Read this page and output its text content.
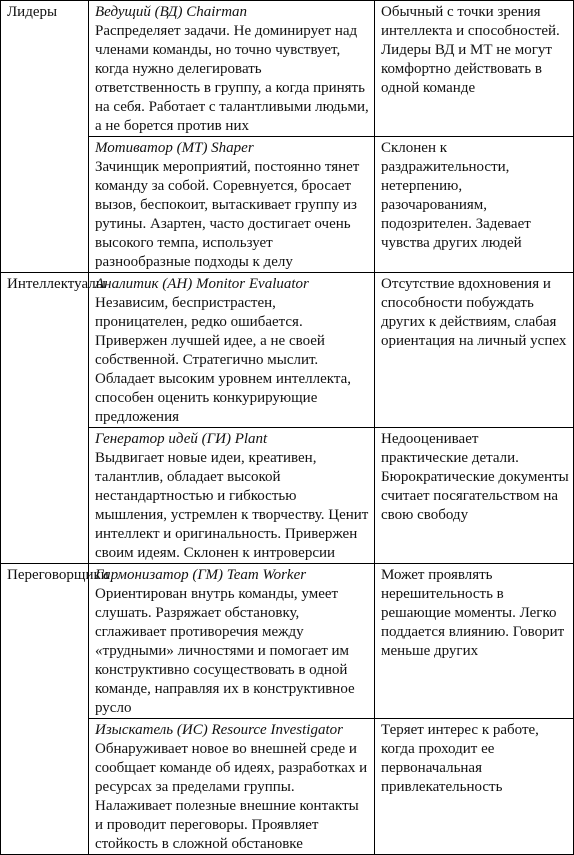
Лидеры	Ведущий (ВД) Chairman
Распределяет задачи. Не доминирует над членами команды, но точно чувствует, когда нужно делегировать ответственность в группу, а когда принять на себя. Работает с талантливыми людьми, а не борется против них	Обычный с точки зрения интеллекта и способностей. Лидеры ВД и МТ не могут комфортно действовать в одной команде

	Мотиватор (МТ) Shaper
Зачинщик мероприятий, постоянно тянет команду за собой. Соревнуется, бросает вызов, беспокоит, вытаскивает группу из рутины. Азартен, часто достигает очень высокого темпа, использует разнообразные подходы к делу	Склонен к раздражительности, нетерпению, разочарованиям, подозрителен. Задевает чувства других людей

Интеллектуалы	Аналитик (АН) Monitor Evaluator
Независим, беспристрастен, проницателен, редко ошибается. Привержен лучшей идее, а не своей собственной. Стратегично мыслит. Обладает высоким уровнем интеллекта, способен оценить конкурирующие предложения	Отсутствие вдохновения и способности побуждать других к действиям, слабая ориентация на личный успех

	Генератор идей (ГИ) Plant
Выдвигает новые идеи, креативен, талантлив, обладает высокой нестандартностью и гибкостью мышления, устремлен к творчеству. Ценит интеллект и оригинальность. Привержен своим идеям. Склонен к интроверсии	Недооценивает практические детали. Бюрократические документы считает посягательством на свою свободу

Переговорщики	Гармонизатор (ГМ) Team Worker
Ориентирован внутрь команды, умеет слушать. Разряжает обстановку, сглаживает противоречия между «трудными» личностями и помогает им конструктивно сосуществовать в одной команде, направляя их в конструктивное русло	Может проявлять нерешительность в решающие моменты. Легко поддается влиянию. Говорит меньше других

	Изыскатель (ИС) Resource Investigator
Обнаруживает новое во внешней среде и сообщает команде об идеях, разработках и ресурсах за пределами группы. Налаживает полезные внешние контакты и проводит переговоры. Проявляет стойкость в сложной обстановке	Теряет интерес к работе, когда проходит ее первоначальная привлекательность
